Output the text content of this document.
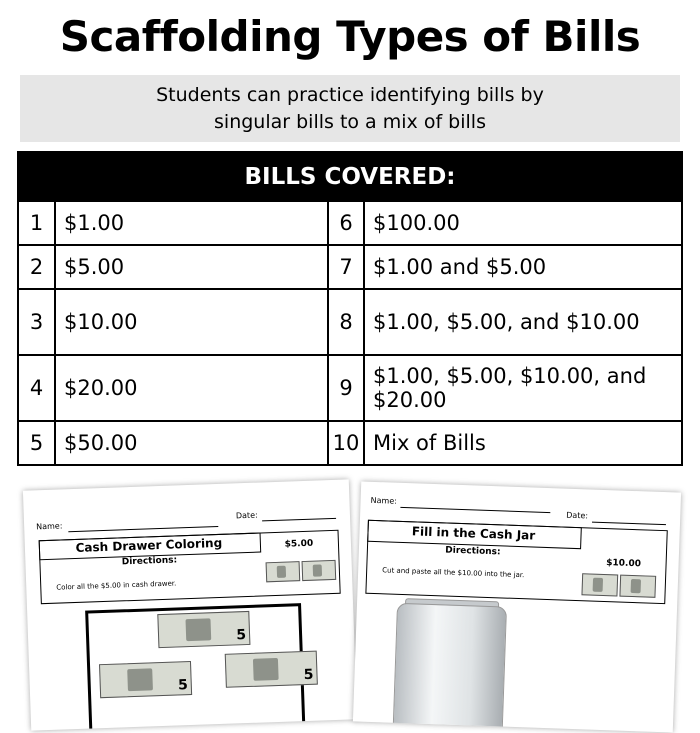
Scaffolding Types of Bills
Students can practice identifying bills by
singular bills to a mix of bills
BILLS COVERED:			
1	$1.00	6	$100.00
2	$5.00	7	$1.00 and $5.00
3	$10.00	8	$1.00, $5.00, and $10.00
4	$20.00	9	$1.00, $5.00, $10.00, and $20.00
5	$50.00	10	Mix of Bills
Name:
Date:
Cash Drawer Coloring
Directions:
$5.00
Color all the $5.00 in cash drawer.
5
5
5
Name:
Date:
Fill in the Cash Jar
Directions:
$10.00
Cut and paste all the $10.00 into the jar.
